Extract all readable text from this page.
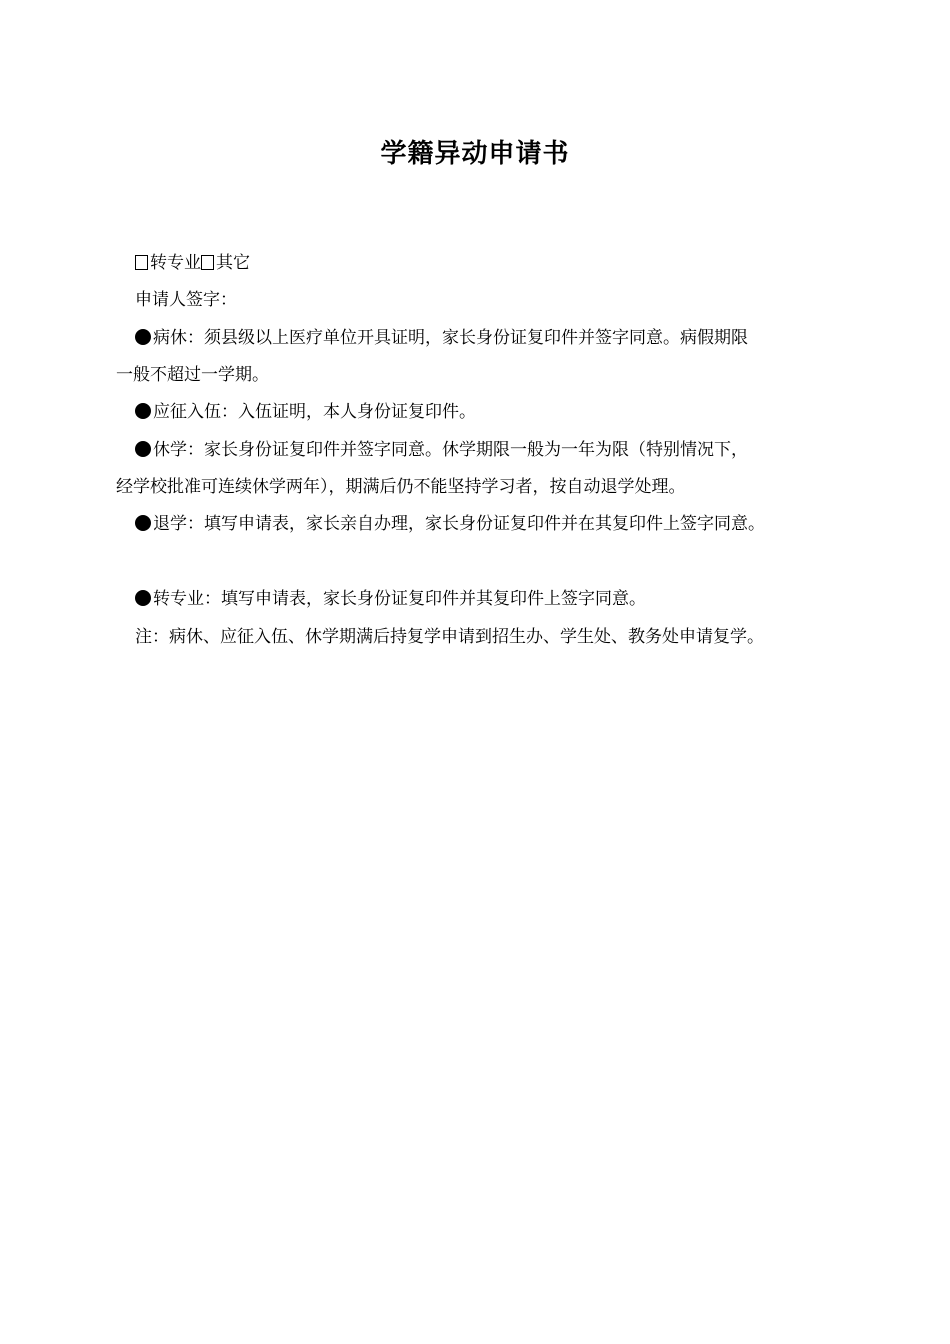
学籍异动申请书
转专业 其它
申请人签字：
病休：须县级以上医疗单位开具证明，家长身份证复印件并签字同意。病假期限
一般不超过一学期。
应征入伍：入伍证明，本人身份证复印件。
休学：家长身份证复印件并签字同意。休学期限一般为一年为限（特别情况下，
经学校批准可连续休学两年），期满后仍不能坚持学习者，按自动退学处理。
退学：填写申请表，家长亲自办理，家长身份证复印件并在其复印件上签字同意。
转专业：填写申请表，家长身份证复印件并其复印件上签字同意。
注：病休、应征入伍、休学期满后持复学申请到招生办、学生处、教务处申请复学。
